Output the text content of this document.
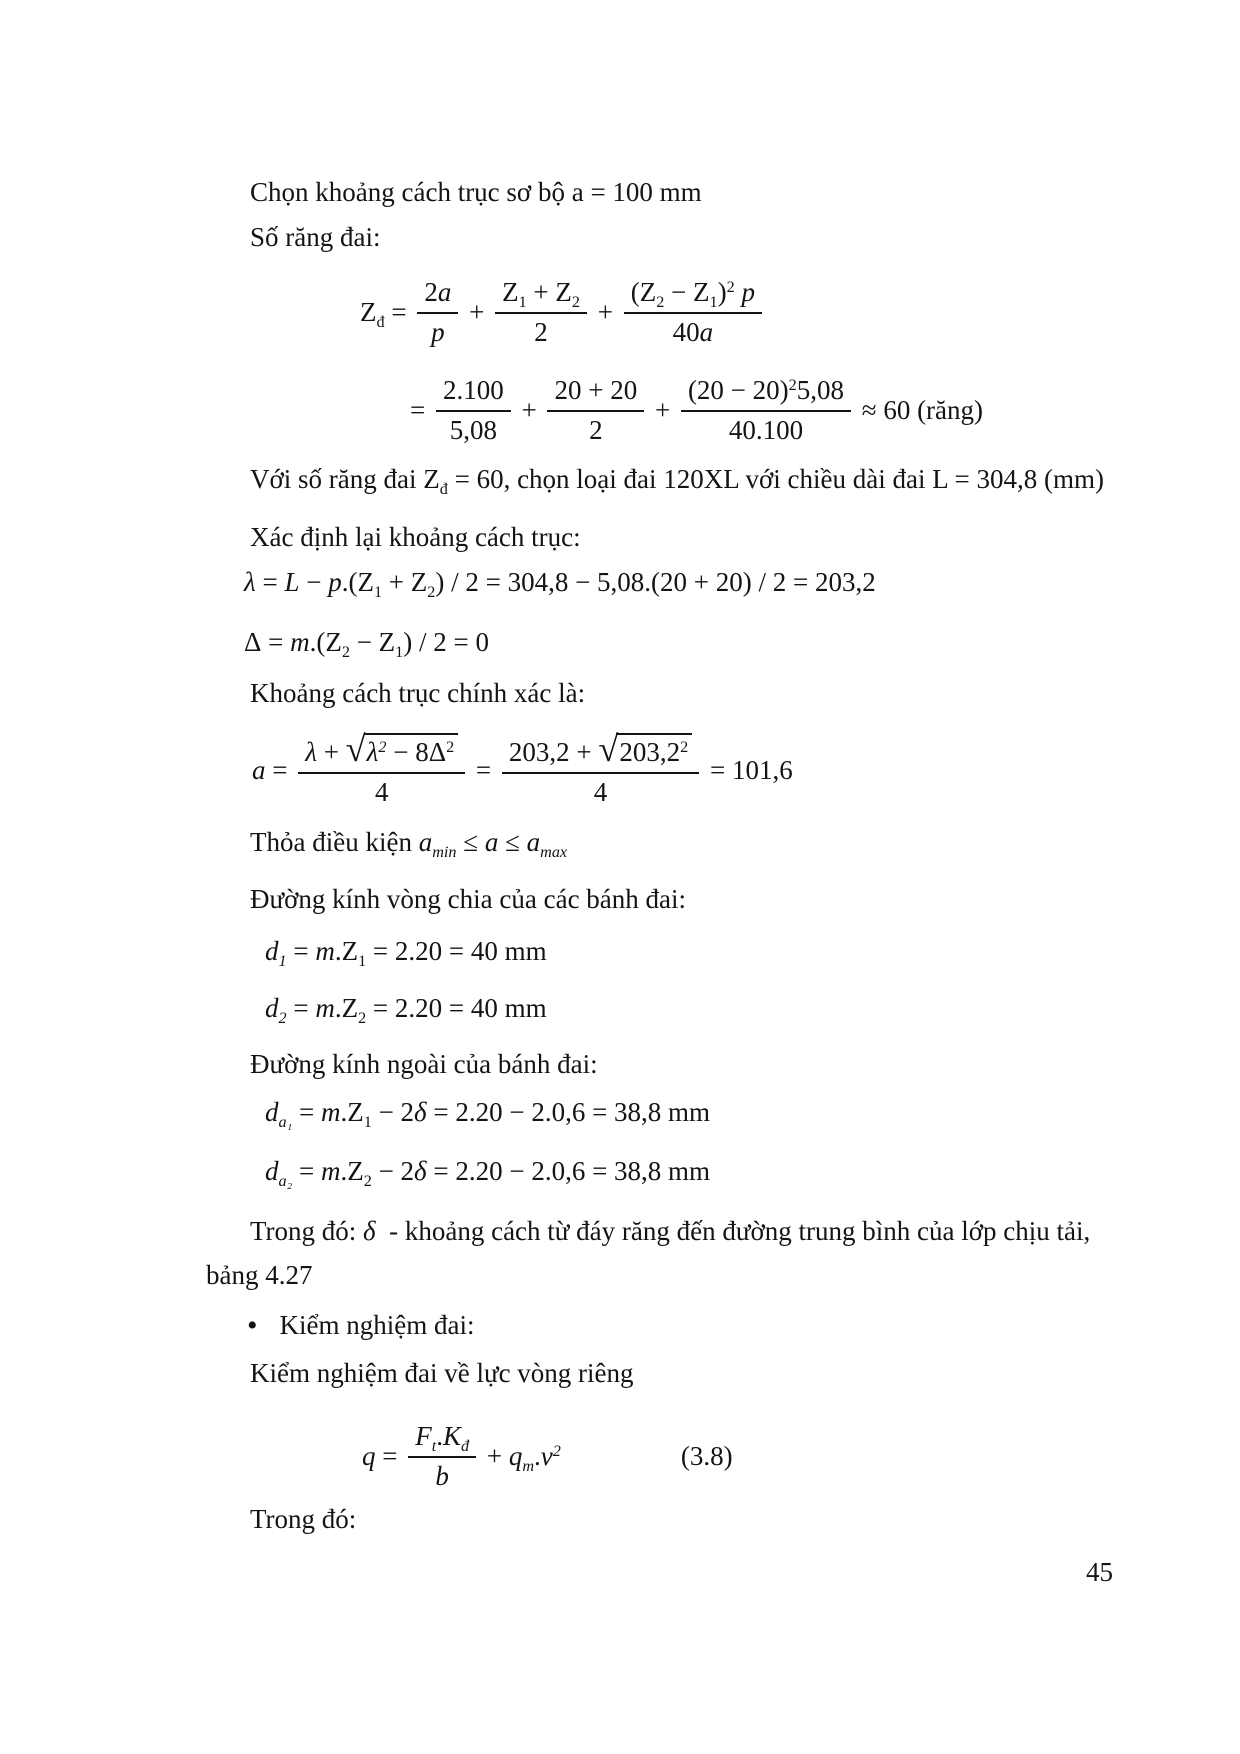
Chọn khoảng cách trục sơ bộ a = 100 mm
Số răng đai:
$Z_đ = \frac{2 a}{p} + \frac{Z_1 + Z_2}{2} + \frac{(Z_2 - Z_1 )^2 p}{40 a}$
= $\frac{2.100}{5,08} + \frac{20 + 20}{2} + \frac{(20 - 20)^2 5,08}{40.100} \approx 60$ (răng)
Với số răng đai $Z_đ = 60$, chọn loại đai 120XL với chiều dài đai L = 304,8 (mm)
Xác định lại khoảng cách trục:
λ = L − p $.(Z_1 + Z_2$ ) / 2 = 304,8 − 5,08.(20 + 20) / 2 = 203,2
Δ = m $.(Z_2 - Z_1$ ) / 2 = 0
Khoảng cách trục chính xác là:
$a = \frac{\lambda + √ \lambda^2 - 8\Delta^2}{4} = \frac{203,2 + √ 203,2^2}{4} = 101,6$
Thỏa điều kiện $a_{min} \le a \le a_{max}$
Đường kính vòng chia của các bánh đai:
$d_1 = m$ $.Z_1 = 2.20 = 40$ mm
$d_2 = m$ $.Z_2 = 2.20 = 40$ mm
Đường kính ngoài của bánh đai:
$d_{a_1} = m$ $.Z_1 - 2$ δ = 2.20 − 2.0,6 = 38,8 mm
$d_{a_2} = m$ $.Z_2 - 2$ δ = 2.20 − 2.0,6 = 38,8 mm
Trong đó: δ - khoảng cách từ đáy răng đến đường trung bình của lớp chịu tải,
bảng 4.27
• Kiểm nghiệm đai:
Kiểm nghiệm đai về lực vòng riêng
$q = \frac{F_t . K_đ}{b} + q_m$ . $v^2$	(3.8)
Trong đó:
45
